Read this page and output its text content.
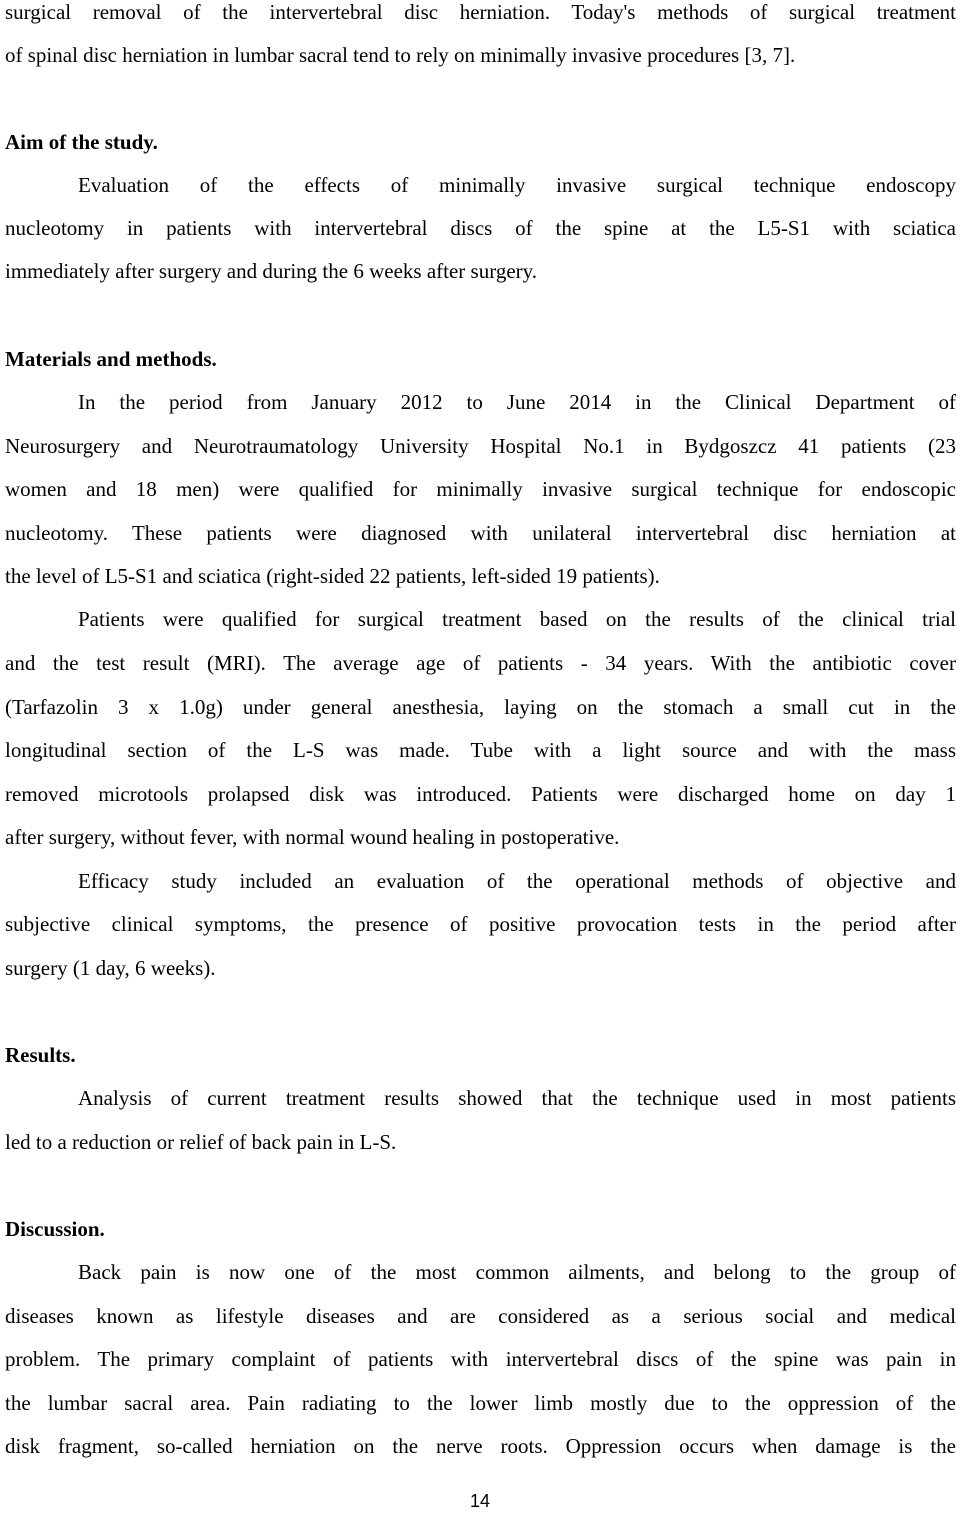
surgical removal of the intervertebral disc herniation. Today's methods of surgical treatment
of spinal disc herniation in lumbar sacral tend to rely on minimally invasive procedures [3, 7].
Aim of the study.
Evaluation of the effects of minimally invasive surgical technique endoscopy
nucleotomy in patients with intervertebral discs of the spine at the L5-S1 with sciatica
immediately after surgery and during the 6 weeks after surgery.
Materials and methods.
In the period from January 2012 to June 2014 in the Clinical Department of
Neurosurgery and Neurotraumatology University Hospital No.1 in Bydgoszcz 41 patients (23
women and 18 men) were qualified for minimally invasive surgical technique for endoscopic
nucleotomy. These patients were diagnosed with unilateral intervertebral disc herniation at
the level of L5-S1 and sciatica (right-sided 22 patients, left-sided 19 patients).
Patients were qualified for surgical treatment based on the results of the clinical trial
and the test result (MRI). The average age of patients - 34 years. With the antibiotic cover
(Tarfazolin 3 x 1.0g) under general anesthesia, laying on the stomach a small cut in the
longitudinal section of the L-S was made. Tube with a light source and with the mass
removed microtools prolapsed disk was introduced. Patients were discharged home on day 1
after surgery, without fever, with normal wound healing in postoperative.
Efficacy study included an evaluation of the operational methods of objective and
subjective clinical symptoms, the presence of positive provocation tests in the period after
surgery (1 day, 6 weeks).
Results.
Analysis of current treatment results showed that the technique used in most patients
led to a reduction or relief of back pain in L-S.
Discussion.
Back pain is now one of the most common ailments, and belong to the group of
diseases known as lifestyle diseases and are considered as a serious social and medical
problem. The primary complaint of patients with intervertebral discs of the spine was pain in
the lumbar sacral area. Pain radiating to the lower limb mostly due to the oppression of the
disk fragment, so-called herniation on the nerve roots. Oppression occurs when damage is the
14
